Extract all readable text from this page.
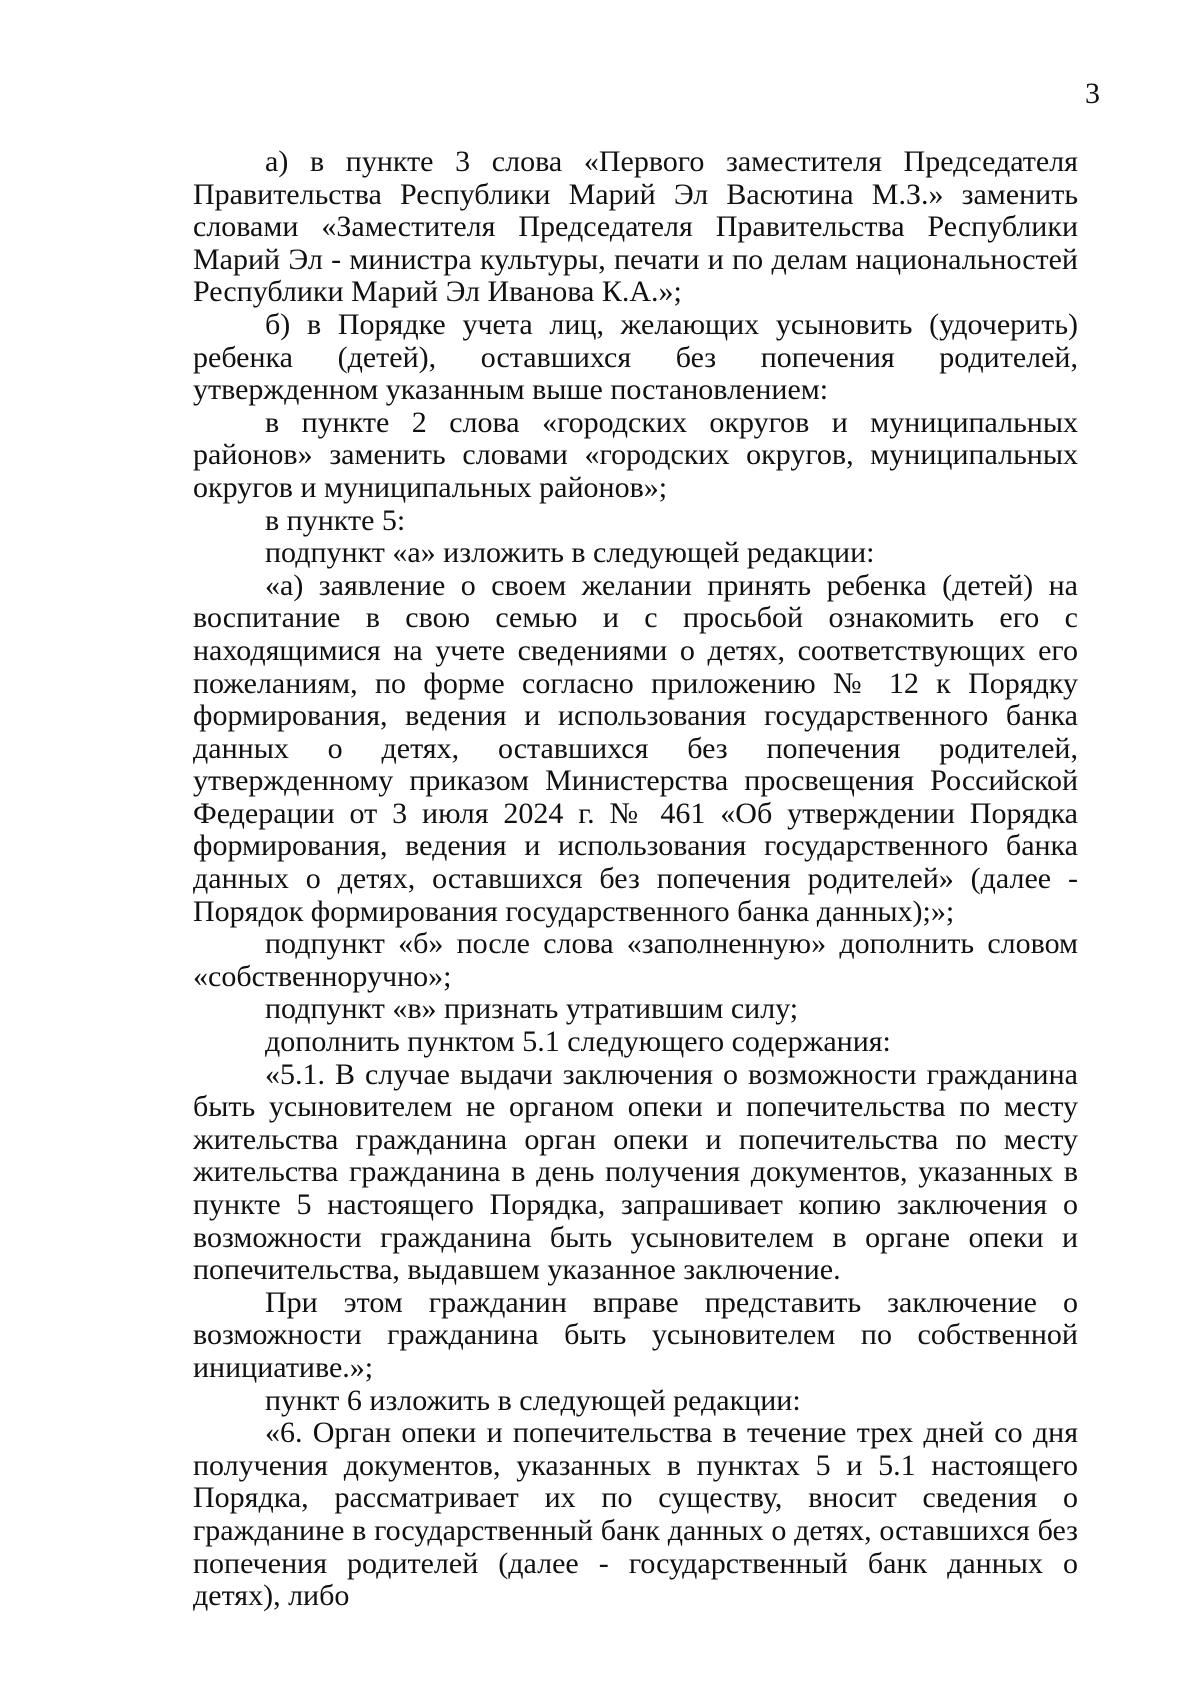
3

а) в пункте 3 слова «Первого заместителя Председателя Правительства Республики Марий Эл Васютина М.З.» заменить словами «Заместителя Председателя Правительства Республики Марий Эл - министра культуры, печати и по делам национальностей Республики Марий Эл Иванова К.А.»;

б) в Порядке учета лиц, желающих усыновить (удочерить) ребенка (детей), оставшихся без попечения родителей, утвержденном указанным выше постановлением:

в пункте 2 слова «городских округов и муниципальных районов» заменить словами «городских округов, муниципальных округов и муниципальных районов»;

в пункте 5:

подпункт «а» изложить в следующей редакции:

«а) заявление о своем желании принять ребенка (детей) на воспитание в свою семью и с просьбой ознакомить его с находящимися на учете сведениями о детях, соответствующих его пожеланиям, по форме согласно приложению № 12 к Порядку формирования, ведения и использования государственного банка данных о детях, оставшихся без попечения родителей, утвержденному приказом Министерства просвещения Российской Федерации от 3 июля 2024 г. № 461 «Об утверждении Порядка формирования, ведения и использования государственного банка данных о детях, оставшихся без попечения родителей» (далее - Порядок формирования государственного банка данных);»;

подпункт «б» после слова «заполненную» дополнить словом «собственноручно»;

подпункт «в» признать утратившим силу;

дополнить пунктом 5.1 следующего содержания:

«5.1. В случае выдачи заключения о возможности гражданина быть усыновителем не органом опеки и попечительства по месту жительства гражданина орган опеки и попечительства по месту жительства гражданина в день получения документов, указанных в пункте 5 настоящего Порядка, запрашивает копию заключения о возможности гражданина быть усыновителем в органе опеки и попечительства, выдавшем указанное заключение.

При этом гражданин вправе представить заключение о возможности гражданина быть усыновителем по собственной инициативе.»;

пункт 6 изложить в следующей редакции:

«6. Орган опеки и попечительства в течение трех дней со дня получения документов, указанных в пунктах 5 и 5.1 настоящего Порядка, рассматривает их по существу, вносит сведения о гражданине в государственный банк данных о детях, оставшихся без попечения родителей (далее - государственный банк данных о детях), либо
